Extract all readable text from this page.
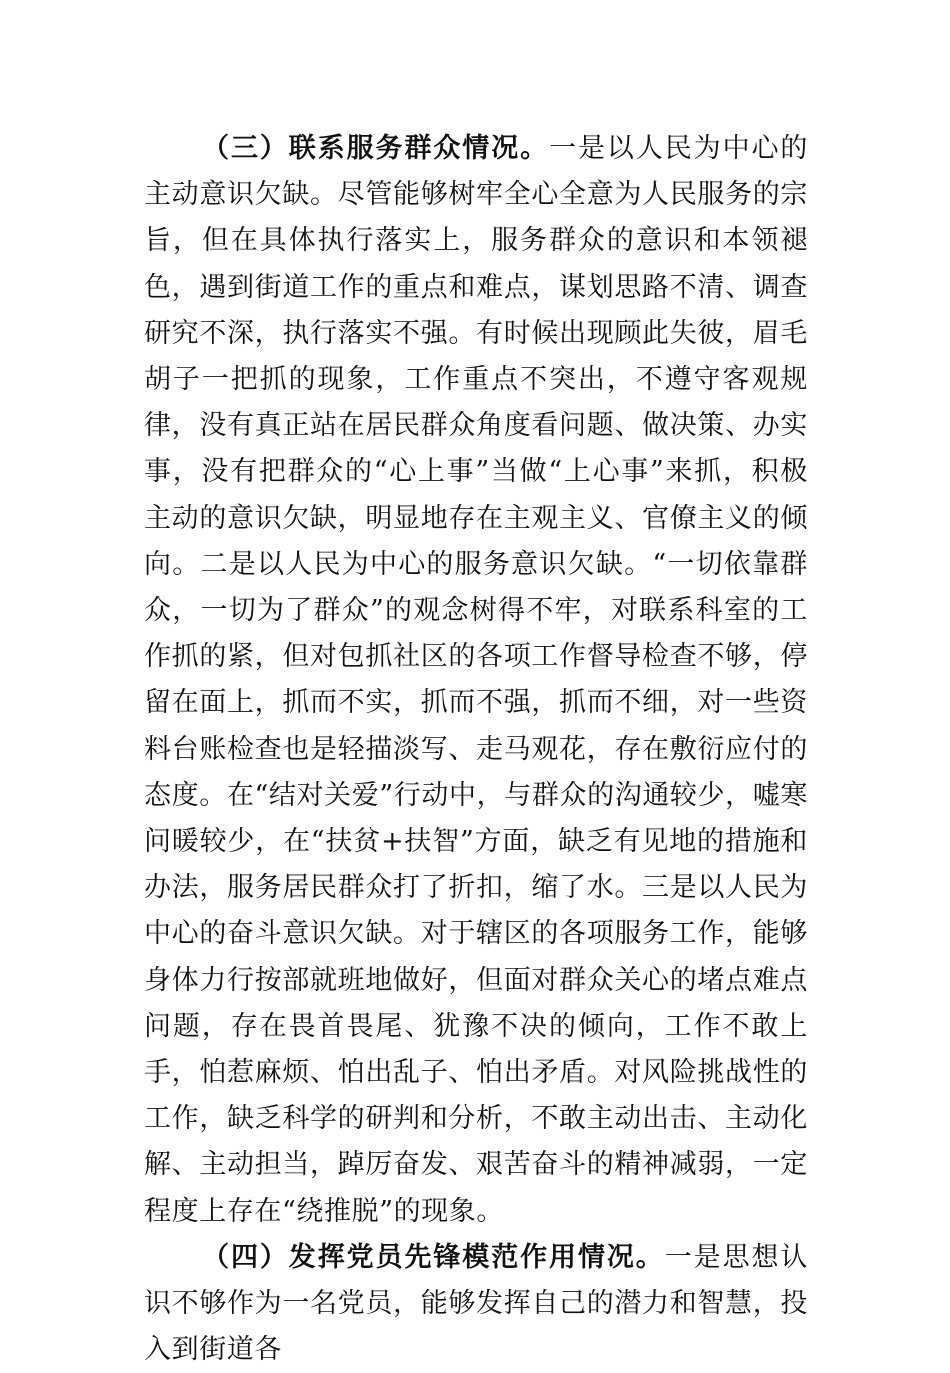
（三）联系服务群众情况。一是以人民为中心的主动意识欠缺。尽管能够树牢全心全意为人民服务的宗旨，但在具体执行落实上，服务群众的意识和本领褪色，遇到街道工作的重点和难点，谋划思路不清、调查研究不深，执行落实不强。有时候出现顾此失彼，眉毛胡子一把抓的现象，工作重点不突出，不遵守客观规律，没有真正站在居民群众角度看问题、做决策、办实事，没有把群众的“心上事”当做“上心事”来抓，积极主动的意识欠缺，明显地存在主观主义、官僚主义的倾向。二是以人民为中心的服务意识欠缺。“一切依靠群众，一切为了群众”的观念树得不牢，对联系科室的工作抓的紧，但对包抓社区的各项工作督导检查不够，停留在面上，抓而不实，抓而不强，抓而不细，对一些资料台账检查也是轻描淡写、走马观花，存在敷衍应付的态度。在“结对关爱”行动中，与群众的沟通较少，嘘寒问暖较少，在“扶贫+扶智”方面，缺乏有见地的措施和办法，服务居民群众打了折扣，缩了水。三是以人民为中心的奋斗意识欠缺。对于辖区的各项服务工作，能够身体力行按部就班地做好，但面对群众关心的堵点难点问题，存在畏首畏尾、犹豫不决的倾向，工作不敢上手，怕惹麻烦、怕出乱子、怕出矛盾。对风险挑战性的工作，缺乏科学的研判和分析，不敢主动出击、主动化解、主动担当，踔厉奋发、艰苦奋斗的精神减弱，一定程度上存在“绕推脱”的现象。

（四）发挥党员先锋模范作用情况。一是思想认识不够作为一名党员，能够发挥自己的潜力和智慧，投入到街道各
